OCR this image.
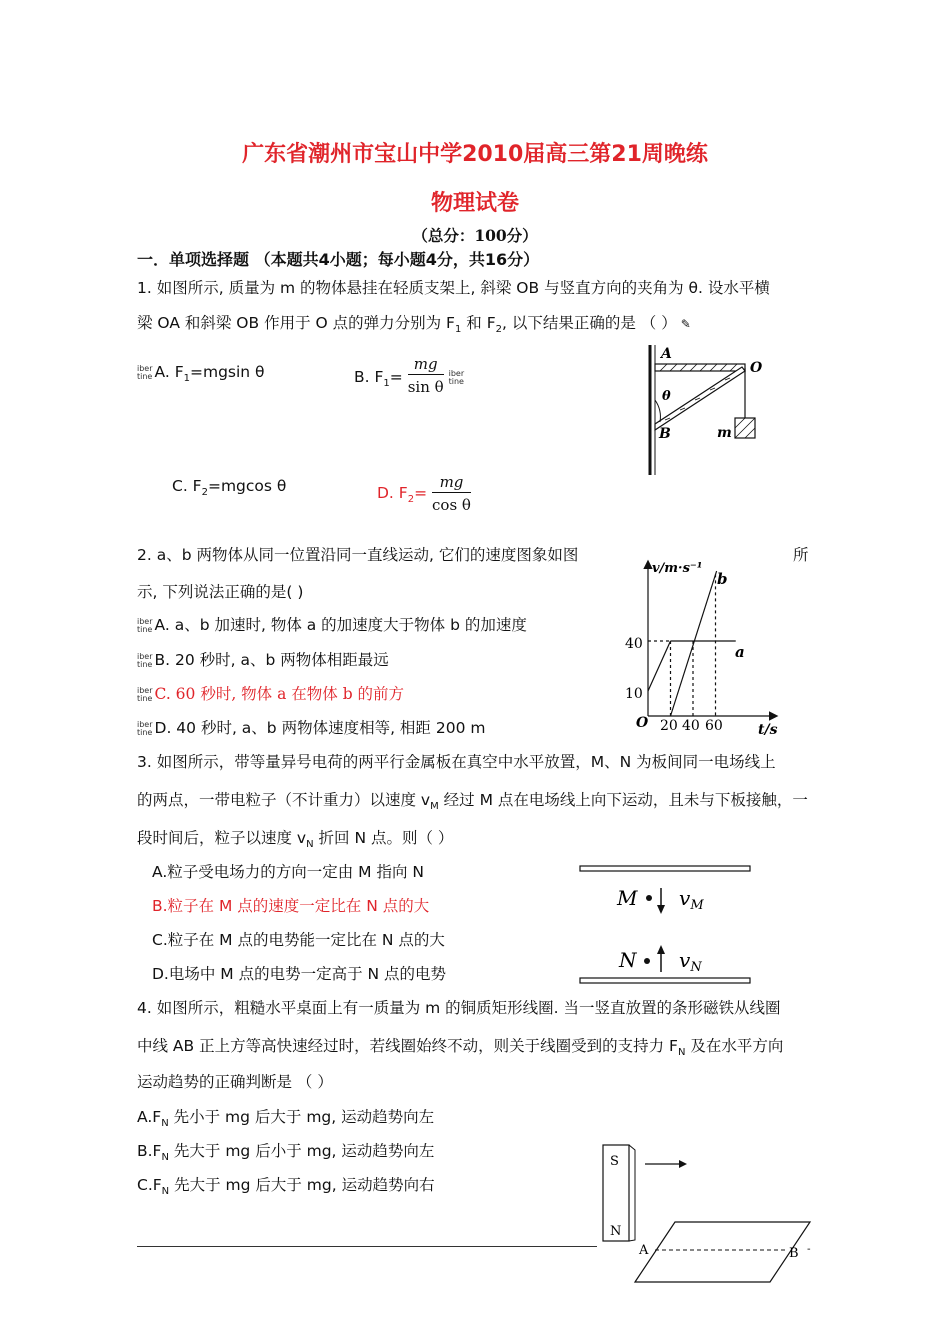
广东省潮州市宝山中学2010届高三第21周晚练
物理试卷
（总分：100分）
一．单项选择题 （本题共4小题；每小题4分，共16分）
1. 如图所示, 质量为 m 的物体悬挂在轻质支架上, 斜梁 OB 与竖直方向的夹角为 θ. 设水平横
梁 OA 和斜梁 OB 作用于 O 点的弹力分别为 $F_1$ 和 $F_2$, 以下结果正确的是 （ ） ✎
iber
tine A. $F_1=mgsin$ θ	B. $F_1= \frac{mg}{\text{sin θ}}$
iber
tine
C. $F_2=mgcos$ θ	D. $F_2= \frac{mg}{\text{cos θ}}$
A
O
θ
B	m
2. a、b 两物体从同一位置沿同一直线运动, 它们的速度图象如图	所
示, 下列说法正确的是( )
iber
tine A. a、b 加速时, 物体 a 的加速度大于物体 b 的加速度
iber
tine B. 20 秒时, a、b 两物体相距最远
iber
tine C. 60 秒时, 物体 a 在物体 b 的前方
iber
tine D. 40 秒时, a、b 两物体速度相等, 相距 200 m
v/m·s⁻¹
t/s
O
40
10
20 40 60
a
b
3. 如图所示，带等量异号电荷的两平行金属板在真空中水平放置，M、N 为板间同一电场线上
的两点，一带电粒子（不计重力）以速度 $v_M$ 经过 M 点在电场线上向下运动，且未与下板接触，一
段时间后，粒子以速度 $v_N$ 折回 N 点。则（ ）
A.粒子受电场力的方向一定由 M 指向 N
B.粒子在 M 点的速度一定比在 N 点的大
C.粒子在 M 点的电势能一定比在 N 点的大
D.电场中 M 点的电势一定高于 N 点的电势
M $v_M$
N $v_N$
4. 如图所示，粗糙水平桌面上有一质量为 m 的铜质矩形线圈. 当一竖直放置的条形磁铁从线圈
中线 AB 正上方等高快速经过时，若线圈始终不动，则关于线圈受到的支持力 $F_N$ 及在水平方向
运动趋势的正确判断是 （ ）
$A.F_N$ 先小于 mg 后大于 mg, 运动趋势向左
$B.F_N$ 先大于 mg 后小于 mg, 运动趋势向左
$C.F_N$ 先大于 mg 后大于 mg, 运动趋势向右
S
N
A	B -
